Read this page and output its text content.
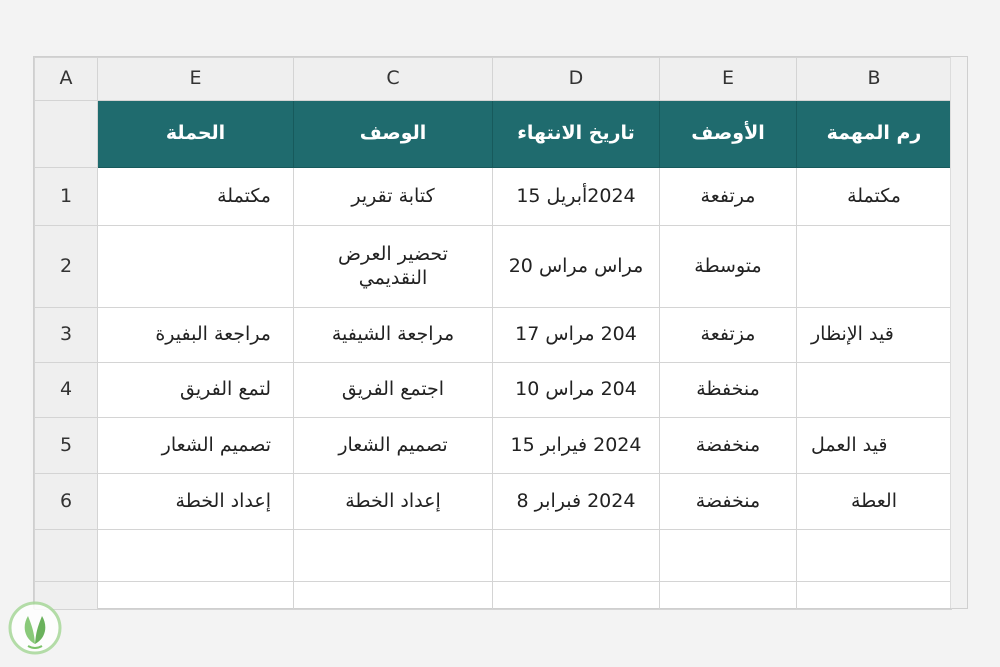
A	E	C	D	E	B
	الحملة	الوصف	تاريخ الانتهاء	الأوصف	رم المهمة
1	مكتملة	كتابة تقرير	2024أبريل 15	مرتفعة	مكتملة
2		تحضير العرض النقديمي	مراس مراس 20	متوسطة	
3	مراجعة البفيرة	مراجعة الشيفية	204 مراس 17	مزتفعة	قيد الإنظار
4	لتمع الفريق	اجتمع الفريق	204 مراس 10	منخفظة	
5	تصميم الشعار	تصميم الشعار	2024 فيرابر 15	منخفضة	قيد العمل
6	إعداد الخطة	إعداد الخطة	2024 فبرابر 8	منخفضة	العطة
